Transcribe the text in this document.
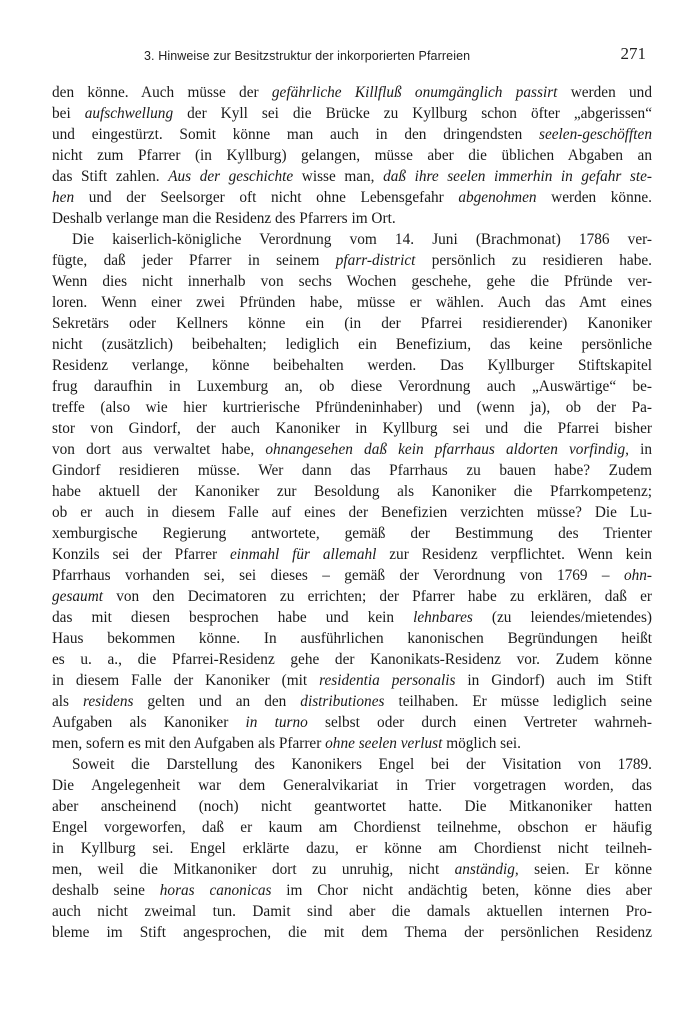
3. Hinweise zur Besitzstruktur der inkorporierten Pfarreien	271
den könne. Auch müsse der gefährliche Killfluß onumgänglich passirt werden und
bei aufschwellung der Kyll sei die Brücke zu Kyllburg schon öfter „abgerissen“
und eingestürzt. Somit könne man auch in den dringendsten seelen-geschöfften
nicht zum Pfarrer (in Kyllburg) gelangen, müsse aber die üblichen Abgaben an
das Stift zahlen. Aus der geschichte wisse man, daß ihre seelen immerhin in gefahr ste-
hen und der Seelsorger oft nicht ohne Lebensgefahr abgenohmen werden könne.
Deshalb verlange man die Residenz des Pfarrers im Ort.
Die kaiserlich-königliche Verordnung vom 14. Juni (Brachmonat) 1786 ver-
fügte, daß jeder Pfarrer in seinem pfarr-district persönlich zu residieren habe.
Wenn dies nicht innerhalb von sechs Wochen geschehe, gehe die Pfründe ver-
loren. Wenn einer zwei Pfründen habe, müsse er wählen. Auch das Amt eines
Sekretärs oder Kellners könne ein (in der Pfarrei residierender) Kanoniker
nicht (zusätzlich) beibehalten; lediglich ein Benefizium, das keine persönliche
Residenz verlange, könne beibehalten werden. Das Kyllburger Stiftskapitel
frug daraufhin in Luxemburg an, ob diese Verordnung auch „Auswärtige“ be-
treffe (also wie hier kurtrierische Pfründeninhaber) und (wenn ja), ob der Pa-
stor von Gindorf, der auch Kanoniker in Kyllburg sei und die Pfarrei bisher
von dort aus verwaltet habe, ohnangesehen daß kein pfarrhaus aldorten vorfindig, in
Gindorf residieren müsse. Wer dann das Pfarrhaus zu bauen habe? Zudem
habe aktuell der Kanoniker zur Besoldung als Kanoniker die Pfarrkompetenz;
ob er auch in diesem Falle auf eines der Benefizien verzichten müsse? Die Lu-
xemburgische Regierung antwortete, gemäß der Bestimmung des Trienter
Konzils sei der Pfarrer einmahl für allemahl zur Residenz verpflichtet. Wenn kein
Pfarrhaus vorhanden sei, sei dieses – gemäß der Verordnung von 1769 – ohn-
gesaumt von den Decimatoren zu errichten; der Pfarrer habe zu erklären, daß er
das mit diesen besprochen habe und kein lehnbares (zu leiendes/mietendes)
Haus bekommen könne. In ausführlichen kanonischen Begründungen heißt
es u. a., die Pfarrei-Residenz gehe der Kanonikats-Residenz vor. Zudem könne
in diesem Falle der Kanoniker (mit residentia personalis in Gindorf) auch im Stift
als residens gelten und an den distributiones teilhaben. Er müsse lediglich seine
Aufgaben als Kanoniker in turno selbst oder durch einen Vertreter wahrneh-
men, sofern es mit den Aufgaben als Pfarrer ohne seelen verlust möglich sei.
Soweit die Darstellung des Kanonikers Engel bei der Visitation von 1789.
Die Angelegenheit war dem Generalvikariat in Trier vorgetragen worden, das
aber anscheinend (noch) nicht geantwortet hatte. Die Mitkanoniker hatten
Engel vorgeworfen, daß er kaum am Chordienst teilnehme, obschon er häufig
in Kyllburg sei. Engel erklärte dazu, er könne am Chordienst nicht teilneh-
men, weil die Mitkanoniker dort zu unruhig, nicht anständig, seien. Er könne
deshalb seine horas canonicas im Chor nicht andächtig beten, könne dies aber
auch nicht zweimal tun. Damit sind aber die damals aktuellen internen Pro-
bleme im Stift angesprochen, die mit dem Thema der persönlichen Residenz
